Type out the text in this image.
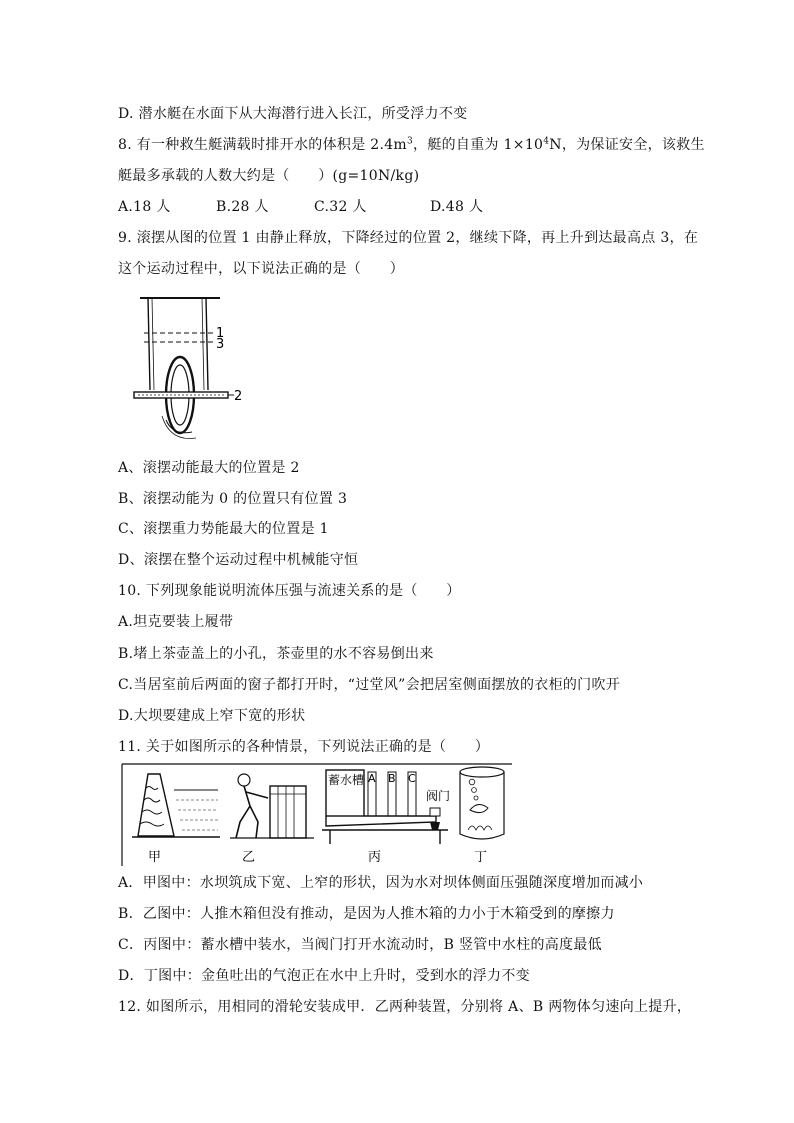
D. 潜水艇在水面下从大海潜行进入长江，所受浮力不变
8. 有一种救生艇满载时排开水的体积是 $2.4m^3$，艇的自重为 $1\times 10^4N$，为保证安全，该救生
艇最多承载的人数大约是（　　）(g=10N/kg)
A.18 人	B.28 人	C.32 人	D.48 人
9. 滚摆从图的位置 1 由静止释放，下降经过的位置 2，继续下降，再上升到达最高点 3，在
这个运动过程中，以下说法正确的是（　　）
1
3
2
A、滚摆动能最大的位置是 2
B、滚摆动能为 0 的位置只有位置 3
C、滚摆重力势能最大的位置是 1
D、滚摆在整个运动过程中机械能守恒
10. 下列现象能说明流体压强与流速关系的是（　　）
A.坦克要装上履带
B.堵上茶壶盖上的小孔，茶壶里的水不容易倒出来
C.当居室前后两面的窗子都打开时，“过堂风”会把居室侧面摆放的衣柜的门吹开
D.大坝要建成上窄下宽的形状
11. 关于如图所示的各种情景，下列说法正确的是（　　）
甲	乙
蓄水槽 A B C
阀门
丙	丁
A．甲图中：水坝筑成下宽、上窄的形状，因为水对坝体侧面压强随深度增加而减小
B．乙图中：人推木箱但没有推动，是因为人推木箱的力小于木箱受到的摩擦力
C．丙图中：蓄水槽中装水，当阀门打开水流动时，B 竖管中水柱的高度最低
D．丁图中：金鱼吐出的气泡正在水中上升时，受到水的浮力不变
12. 如图所示，用相同的滑轮安装成甲．乙两种装置，分别将 A、B 两物体匀速向上提升，
